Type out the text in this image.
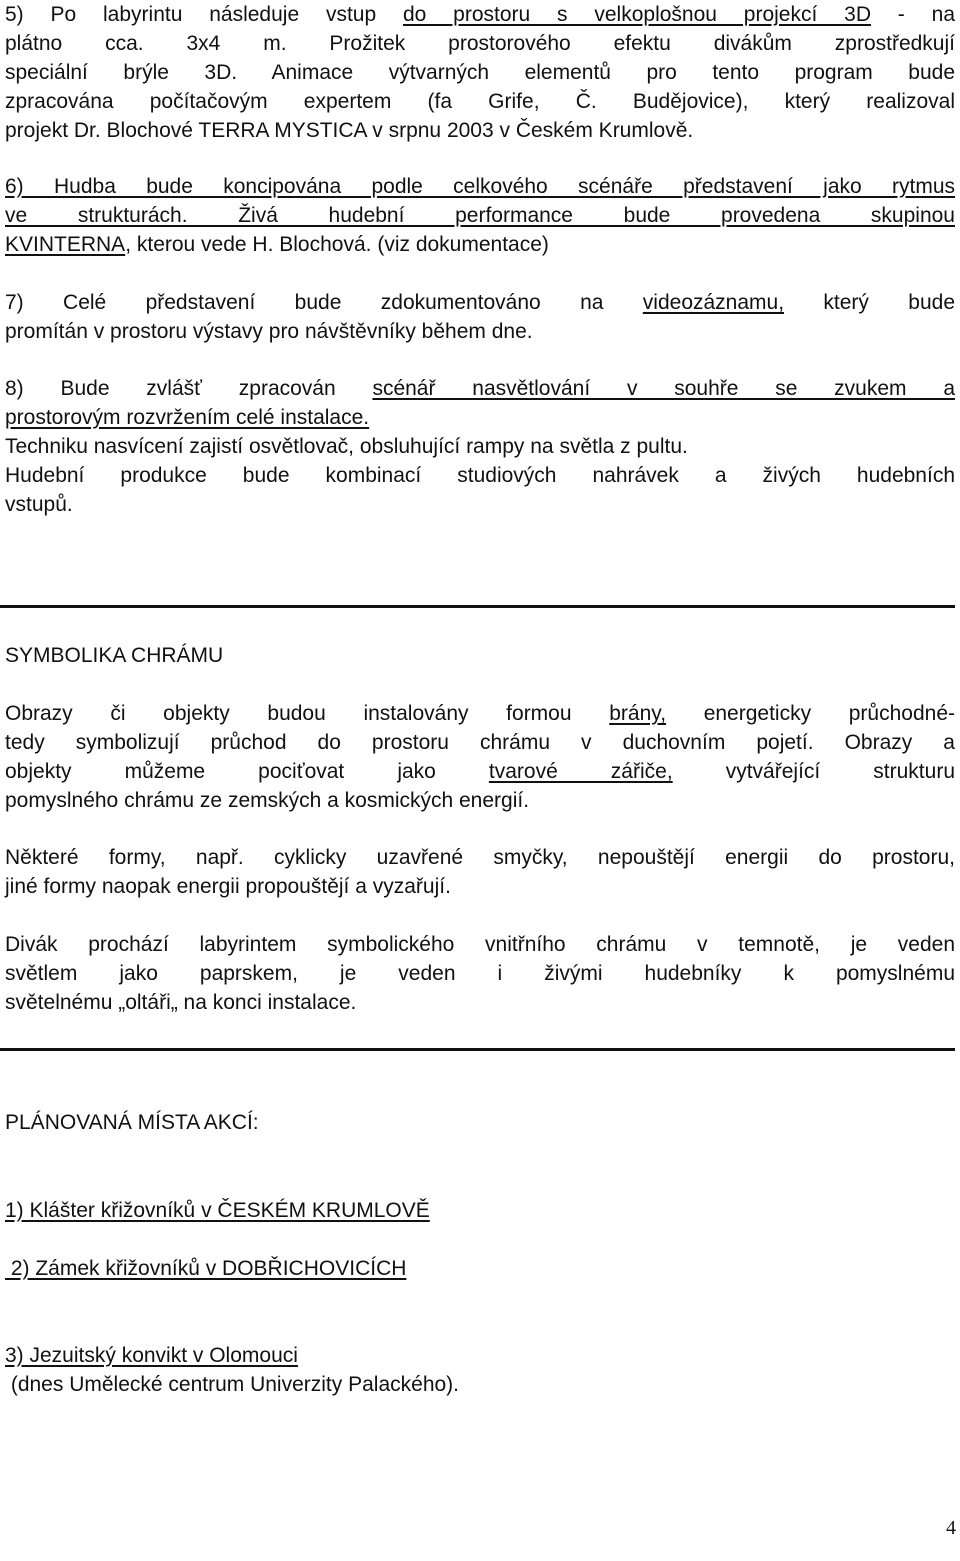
5) Po labyrintu následuje vstup do prostoru s velkoplošnou projekcí 3D - na
plátno cca. 3x4 m. Prožitek prostorového efektu divákům zprostředkují
speciální brýle 3D. Animace výtvarných elementů pro tento program bude
zpracována počítačovým expertem (fa Grife, Č. Budějovice), který realizoval
projekt Dr. Blochové TERRA MYSTICA v srpnu 2003 v Českém Krumlově.
6) Hudba bude koncipována podle celkového scénáře představení jako rytmus
ve strukturách. Živá hudební performance bude provedena skupinou
KVINTERNA, kterou vede H. Blochová. (viz dokumentace)
7) Celé představení bude zdokumentováno na videozáznamu, který bude
promítán v prostoru výstavy pro návštěvníky během dne.
8) Bude zvlášť zpracován scénář nasvětlování v souhře se zvukem a
prostorovým rozvržením celé instalace.
Techniku nasvícení zajistí osvětlovač, obsluhující rampy na světla z pultu.
Hudební produkce bude kombinací studiových nahrávek a živých hudebních
vstupů.
SYMBOLIKA CHRÁMU
Obrazy či objekty budou instalovány formou brány, energeticky průchodné-
tedy symbolizují průchod do prostoru chrámu v duchovním pojetí. Obrazy a
objekty můžeme pociťovat jako tvarové zářiče, vytvářející strukturu
pomyslného chrámu ze zemských a kosmických energií.
Některé formy, např. cyklicky uzavřené smyčky, nepouštějí energii do prostoru,
jiné formy naopak energii propouštějí a vyzařují.
Divák prochází labyrintem symbolického vnitřního chrámu v temnotě, je veden
světlem jako paprskem, je veden i živými hudebníky k pomyslnému
světelnému „oltáři„ na konci instalace.
PLÁNOVANÁ MÍSTA AKCÍ:
1) Klášter křižovníků v ČESKÉM KRUMLOVĚ
2) Zámek křižovníků v DOBŘICHOVICÍCH
3) Jezuitský konvikt v Olomouci
(dnes Umělecké centrum Univerzity Palackého).
4
